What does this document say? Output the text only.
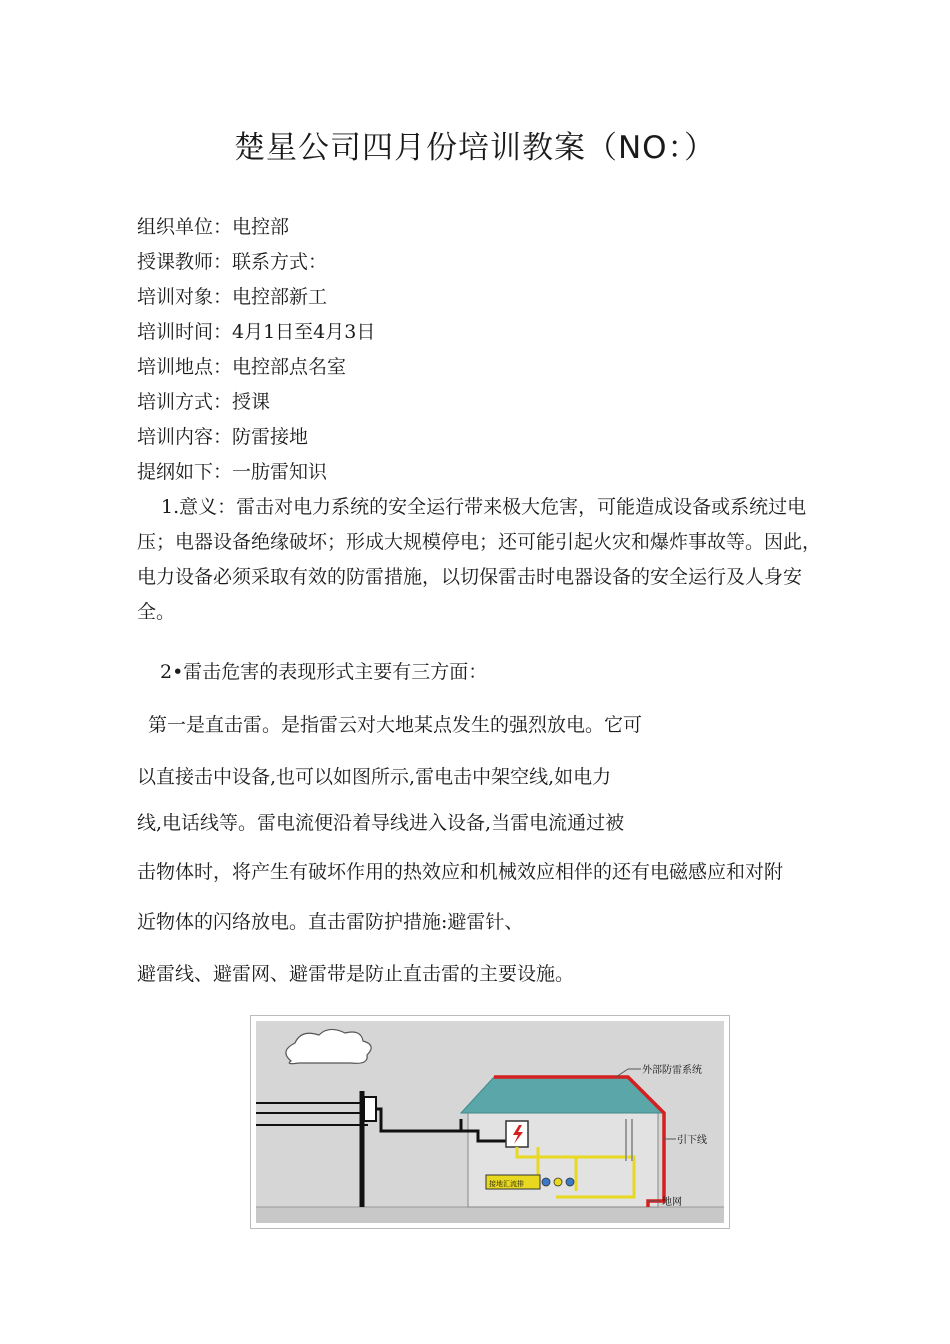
楚星公司四月份培训教案（NO：）
组织单位：电控部
授课教师：联系方式：
培训对象：电控部新工
培训时间：4月1日至4月3日
培训地点：电控部点名室
培训方式：授课
培训内容：防雷接地
提纲如下：一肪雷知识
1.意义：雷击对电力系统的安全运行带来极大危害，可能造成设备或系统过电压；电器设备绝缘破坏；形成大规模停电；还可能引起火灾和爆炸事故等。因此，电力设备必须采取有效的防雷措施，以切保雷击时电器设备的安全运行及人身安全。
2•雷击危害的表现形式主要有三方面：
第一是直击雷。是指雷云对大地某点发生的强烈放电。它可
以直接击中设备,也可以如图所示,雷电击中架空线,如电力
线,电话线等。雷电流便沿着导线进入设备,当雷电流通过被
击物体时，将产生有破坏作用的热效应和机械效应相伴的还有电磁感应和对附
近物体的闪络放电。直击雷防护措施:避雷针、
避雷线、避雷网、避雷带是防止直击雷的主要设施。
接地汇流排
外部防雷系统
引下线
地网
